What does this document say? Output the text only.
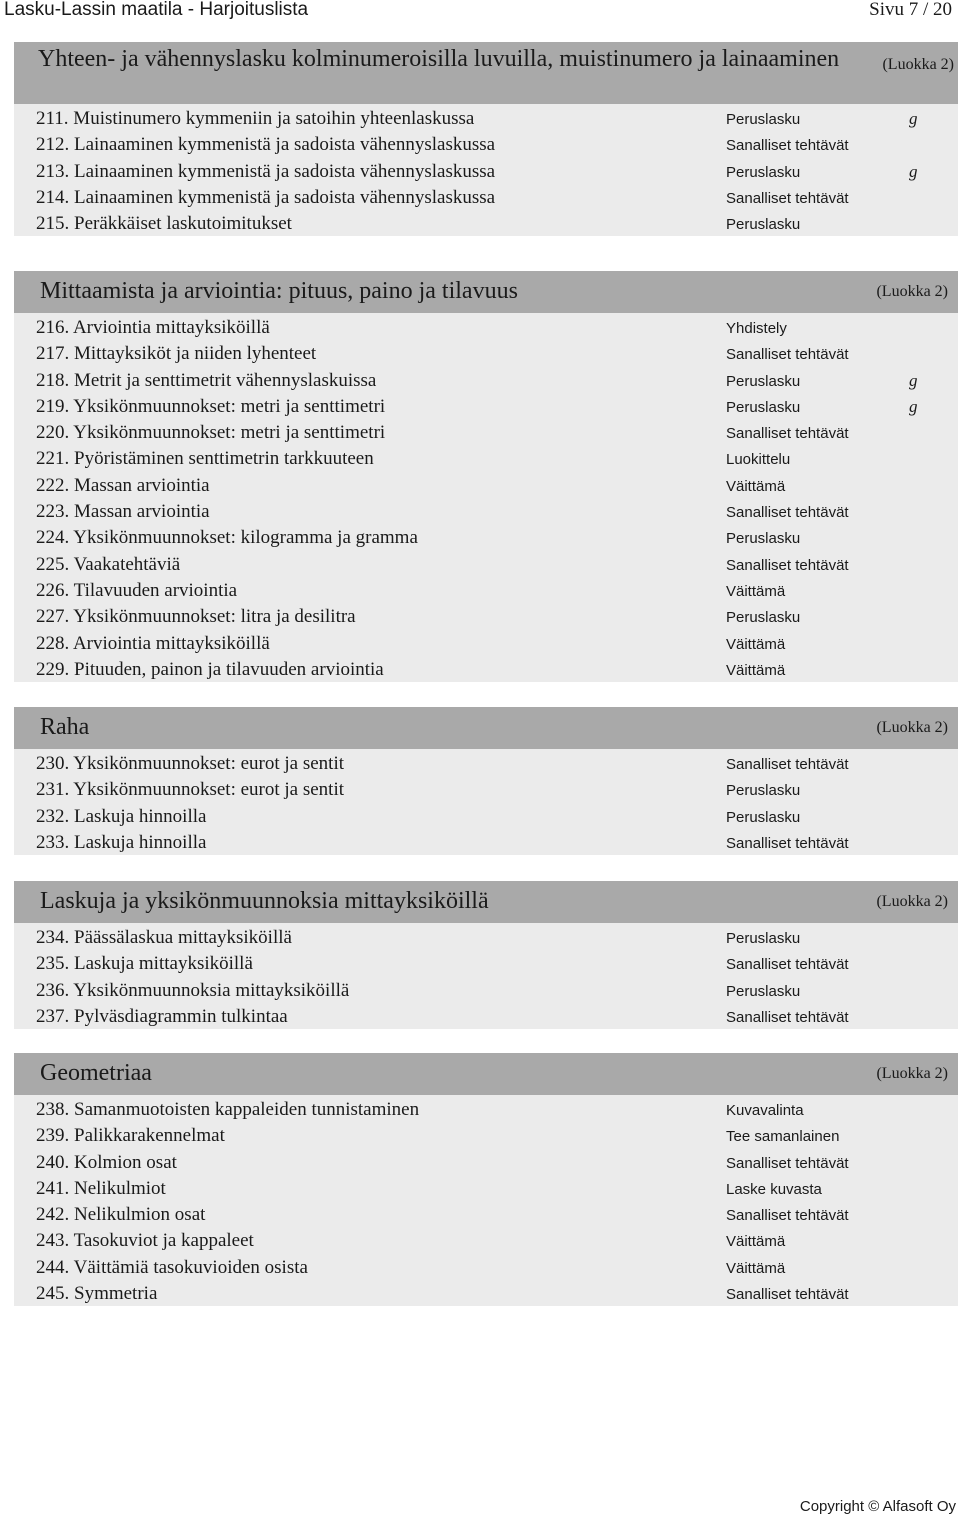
Lasku-Lassin maatila - Harjoituslista	Sivu 7 / 20
Yhteen- ja vähennyslasku kolminumeroisilla luvuilla, muistinumero ja lainaaminen	(Luokka 2)
211. Muistinumero kymmeniin ja satoihin yhteenlaskussa	Peruslasku	g
212. Lainaaminen kymmenistä ja sadoista vähennyslaskussa	Sanalliset tehtävät
213. Lainaaminen kymmenistä ja sadoista vähennyslaskussa	Peruslasku	g
214. Lainaaminen kymmenistä ja sadoista vähennyslaskussa	Sanalliset tehtävät
215. Peräkkäiset laskutoimitukset	Peruslasku
Mittaamista ja arviointia: pituus, paino ja tilavuus	(Luokka 2)
216. Arviointia mittayksiköillä	Yhdistely
217. Mittayksiköt ja niiden lyhenteet	Sanalliset tehtävät
218. Metrit ja senttimetrit vähennyslaskuissa	Peruslasku	g
219. Yksikönmuunnokset: metri ja senttimetri	Peruslasku	g
220. Yksikönmuunnokset: metri ja senttimetri	Sanalliset tehtävät
221. Pyöristäminen senttimetrin tarkkuuteen	Luokittelu
222. Massan arviointia	Väittämä
223. Massan arviointia	Sanalliset tehtävät
224. Yksikönmuunnokset: kilogramma ja gramma	Peruslasku
225. Vaakatehtäviä	Sanalliset tehtävät
226. Tilavuuden arviointia	Väittämä
227. Yksikönmuunnokset: litra ja desilitra	Peruslasku
228. Arviointia mittayksiköillä	Väittämä
229. Pituuden, painon ja tilavuuden arviointia	Väittämä
Raha	(Luokka 2)
230. Yksikönmuunnokset: eurot ja sentit	Sanalliset tehtävät
231. Yksikönmuunnokset: eurot ja sentit	Peruslasku
232. Laskuja hinnoilla	Peruslasku
233. Laskuja hinnoilla	Sanalliset tehtävät
Laskuja ja yksikönmuunnoksia mittayksiköillä	(Luokka 2)
234. Päässälaskua mittayksiköillä	Peruslasku
235. Laskuja mittayksiköillä	Sanalliset tehtävät
236. Yksikönmuunnoksia mittayksiköillä	Peruslasku
237. Pylväsdiagrammin tulkintaa	Sanalliset tehtävät
Geometriaa	(Luokka 2)
238. Samanmuotoisten kappaleiden tunnistaminen	Kuvavalinta
239. Palikkarakennelmat	Tee samanlainen
240. Kolmion osat	Sanalliset tehtävät
241. Nelikulmiot	Laske kuvasta
242. Nelikulmion osat	Sanalliset tehtävät
243. Tasokuviot ja kappaleet	Väittämä
244. Väittämiä tasokuvioiden osista	Väittämä
245. Symmetria	Sanalliset tehtävät
Copyright © Alfasoft Oy
